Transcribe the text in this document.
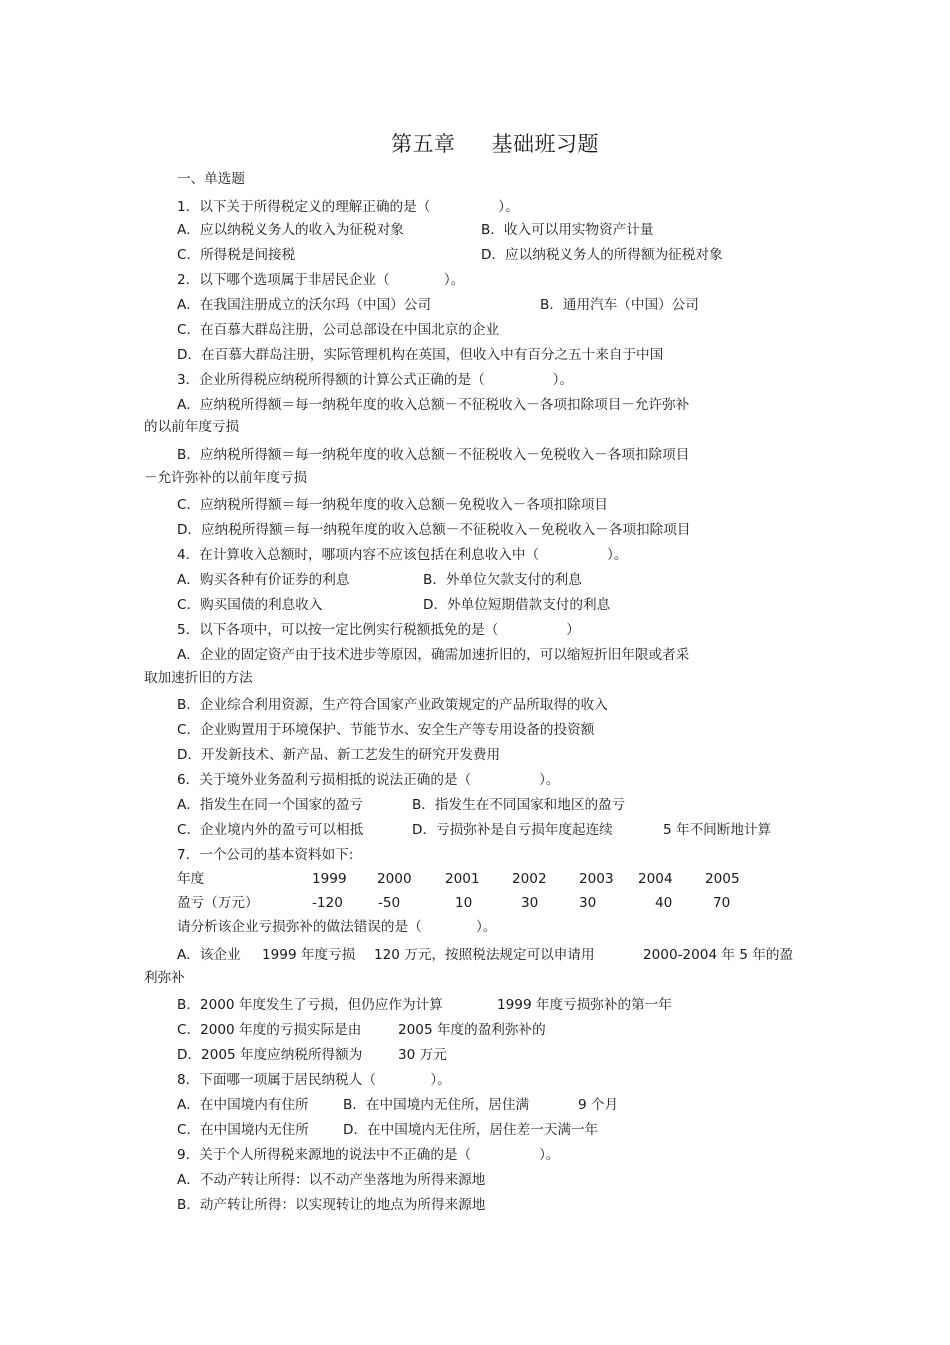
第五章 基础班习题
一、单选题
1．以下关于所得税定义的理解正确的是（　　　　　）。
A．应以纳税义务人的收入为征税对象	B．收入可以用实物资产计量
C．所得税是间接税	D．应以纳税义务人的所得额为征税对象
2．以下哪个选项属于非居民企业（　　　　）。
A．在我国注册成立的沃尔玛（中国）公司	B．通用汽车（中国）公司
C．在百慕大群岛注册，公司总部设在中国北京的企业
D．在百慕大群岛注册，实际管理机构在英国，但收入中有百分之五十来自于中国
3．企业所得税应纳税所得额的计算公式正确的是（　　　　　）。
A．应纳税所得额＝每一纳税年度的收入总额－不征税收入－各项扣除项目－允许弥补
的以前年度亏损
B．应纳税所得额＝每一纳税年度的收入总额－不征税收入－免税收入－各项扣除项目
－允许弥补的以前年度亏损
C．应纳税所得额＝每一纳税年度的收入总额－免税收入－各项扣除项目
D．应纳税所得额＝每一纳税年度的收入总额－不征税收入－免税收入－各项扣除项目
4．在计算收入总额时，哪项内容不应该包括在利息收入中（　　　　　）。
A．购买各种有价证券的利息	B．外单位欠款支付的利息
C．购买国债的利息收入	D．外单位短期借款支付的利息
5．以下各项中，可以按一定比例实行税额抵免的是（　　　　　）
A．企业的固定资产由于技术进步等原因，确需加速折旧的，可以缩短折旧年限或者采
取加速折旧的方法
B．企业综合利用资源，生产符合国家产业政策规定的产品所取得的收入
C．企业购置用于环境保护、节能节水、安全生产等专用设备的投资额
D．开发新技术、新产品、新工艺发生的研究开发费用
6．关于境外业务盈利亏损相抵的说法正确的是（　　　　　）。
A．指发生在同一个国家的盈亏	B．指发生在不同国家和地区的盈亏
C．企业境内外的盈亏可以相抵	D．亏损弥补是自亏损年度起连续	5 年不间断地计算
7．一个公司的基本资料如下:
年度	1999 2000 2001 2002 2003 2004 2005
盈亏（万元）	-120	-50	10	30	30	40	70
请分析该企业亏损弥补的做法错误的是（　　　　）。
A．该企业 1999 年度亏损 120 万元，按照税法规定可以申请用	2000-2004 年 5 年的盈
利弥补
B．2000 年度发生了亏损，但仍应作为计算	1999 年度亏损弥补的第一年
C．2000 年度的亏损实际是由	2005 年度的盈利弥补的
D．2005 年度应纳税所得额为	30 万元
8．下面哪一项属于居民纳税人（　　　　）。
A．在中国境内有住所	B．在中国境内无住所，居住满	9 个月
C．在中国境内无住所	D．在中国境内无住所，居住差一天满一年
9．关于个人所得税来源地的说法中不正确的是（　　　　　）。
A．不动产转让所得：以不动产坐落地为所得来源地
B．动产转让所得：以实现转让的地点为所得来源地
